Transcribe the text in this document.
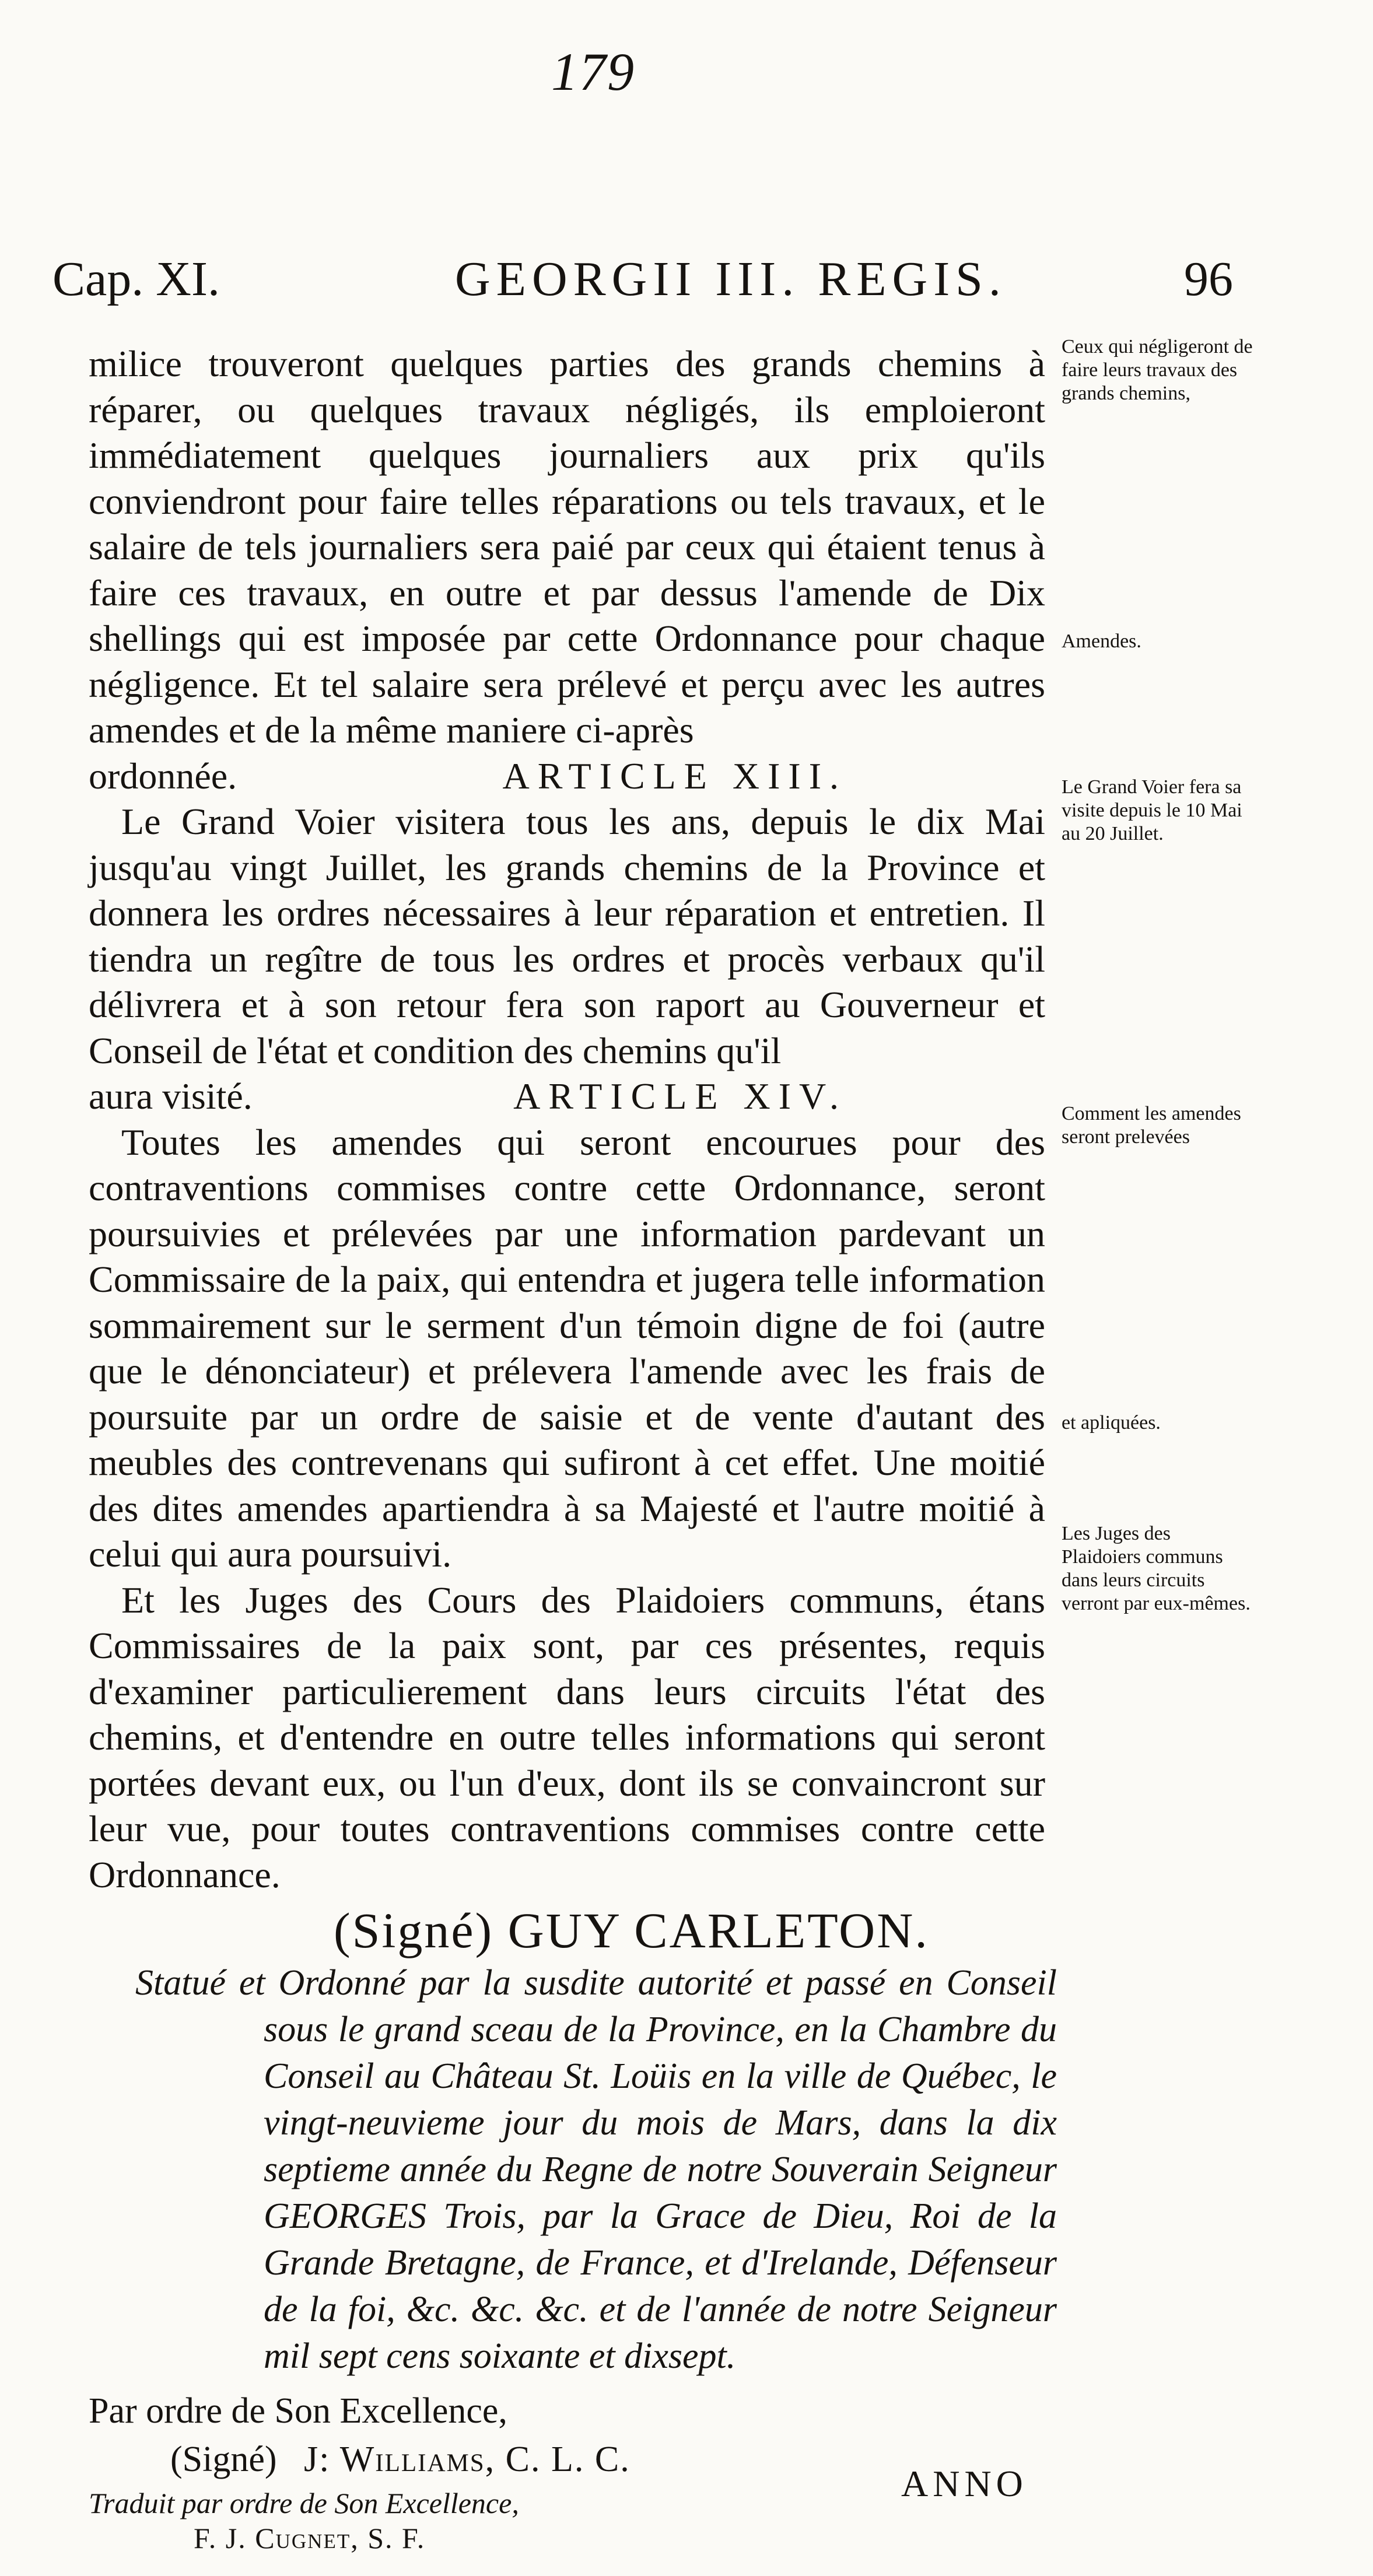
179
Cap. XI.	GEORGII III. REGIS.	96

milice trouveront quelques parties des grands chemins à réparer, ou quelques travaux négligés, ils emploieront immédiatement quelques journaliers aux prix qu'ils conviendront pour faire telles réparations ou tels travaux, et le salaire de tels journaliers sera paié par ceux qui étaient tenus à faire ces travaux, en outre et par dessus l'amende de Dix shellings qui est imposée par cette Ordonnance pour chaque négligence. Et tel salaire sera prélevé et perçu avec les autres amendes et de la même maniere ci-après

ordonnée.	ARTICLE XIII.

Le Grand Voier visitera tous les ans, depuis le dix Mai jusqu'au vingt Juillet, les grands chemins de la Province et donnera les ordres nécessaires à leur réparation et entretien. Il tiendra un regître de tous les ordres et procès verbaux qu'il délivrera et à son retour fera son raport au Gouverneur et Conseil de l'état et condition des chemins qu'il

aura visité.	ARTICLE XIV.

Toutes les amendes qui seront encourues pour des contraventions commises contre cette Ordonnance, seront poursuivies et prélevées par une information pardevant un Commissaire de la paix, qui entendra et jugera telle information sommairement sur le serment d'un témoin digne de foi (autre que le dénonciateur) et prélevera l'amende avec les frais de poursuite par un ordre de saisie et de vente d'autant des meubles des contrevenans qui sufiront à cet effet. Une moitié des dites amendes apartiendra à sa Majesté et l'autre moitié à celui qui aura poursuivi.

Et les Juges des Cours des Plaidoiers communs, étans Commissaires de la paix sont, par ces présentes, requis d'examiner particulierement dans leurs circuits l'état des chemins, et d'entendre en outre telles informations qui seront portées devant eux, ou l'un d'eux, dont ils se convaincront sur leur vue, pour toutes contraventions commises contre cette Ordonnance.

(Signé) GUY CARLETON.
Statué et Ordonné par la susdite autorité et passé en Conseil sous le grand sceau de la Province, en la Chambre du Conseil au Château St. Loüis en la ville de Québec, le vingt-neuvieme jour du mois de Mars, dans la dix septieme année du Regne de notre Souverain Seigneur GEORGES Trois, par la Grace de Dieu, Roi de la Grande Bretagne, de France, et d'Irelande, Défenseur de la foi, &c. &c. &c. et de l'année de notre Seigneur mil sept cens soixante et dixsept.
Par ordre de Son Excellence,
(Signé) J: Williams, C. L. C.
Traduit par ordre de Son Excellence,
F. J. Cugnet, S. F.
ANNO
Ceux qui négligeront de faire leurs travaux des grands chemins,
Amendes.
Le Grand Voier fera sa visite depuis le 10 Mai au 20 Juillet.
Comment les amendes seront prelevées
et apliquées.
Les Juges des Plaidoiers communs dans leurs circuits verront par eux-mêmes.
